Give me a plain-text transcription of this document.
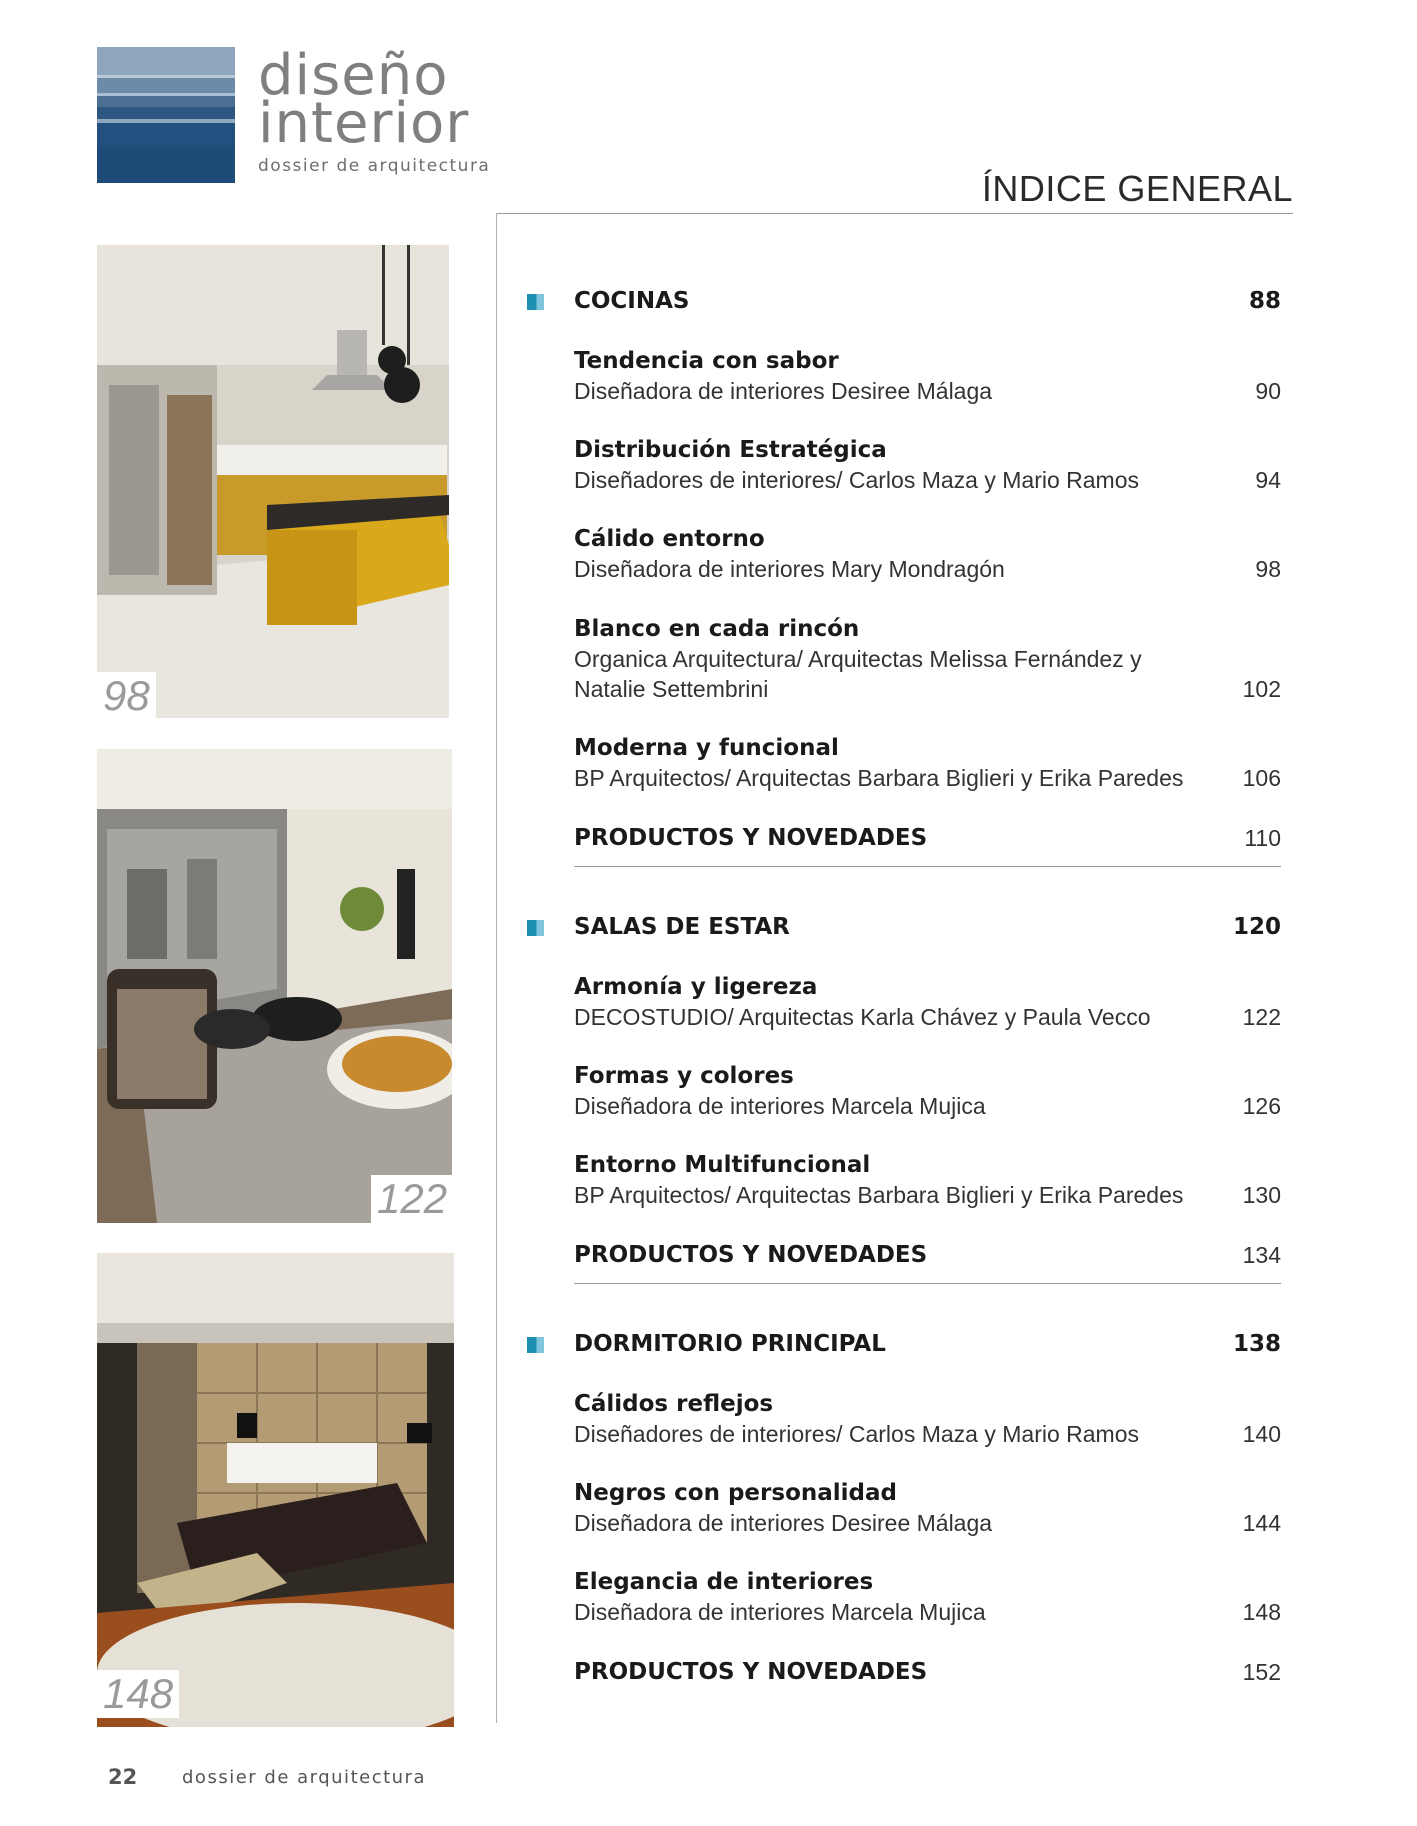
diseño
interior
dossier de arquitectura
ÍNDICE GENERAL
98
122
148
COCINAS	88
Tendencia con sabor
Diseñadora de interiores Desiree Málaga	90
Distribución Estratégica
Diseñadores de interiores/ Carlos Maza y Mario Ramos	94
Cálido entorno
Diseñadora de interiores Mary Mondragón	98
Blanco en cada rincón
Organica Arquitectura/ Arquitectas Melissa Fernández y Natalie Settembrini	102
Moderna y funcional
BP Arquitectos/ Arquitectas Barbara Biglieri y Erika Paredes	106
PRODUCTOS Y NOVEDADES	110
SALAS DE ESTAR	120
Armonía y ligereza
DECOSTUDIO/ Arquitectas Karla Chávez y Paula Vecco	122
Formas y colores
Diseñadora de interiores Marcela Mujica	126
Entorno Multifuncional
BP Arquitectos/ Arquitectas Barbara Biglieri y Erika Paredes	130
PRODUCTOS Y NOVEDADES	134
DORMITORIO PRINCIPAL	138
Cálidos reflejos
Diseñadores de interiores/ Carlos Maza y Mario Ramos	140
Negros con personalidad
Diseñadora de interiores Desiree Málaga	144
Elegancia de interiores
Diseñadora de interiores Marcela Mujica	148
PRODUCTOS Y NOVEDADES	152
22 dossier de arquitectura
